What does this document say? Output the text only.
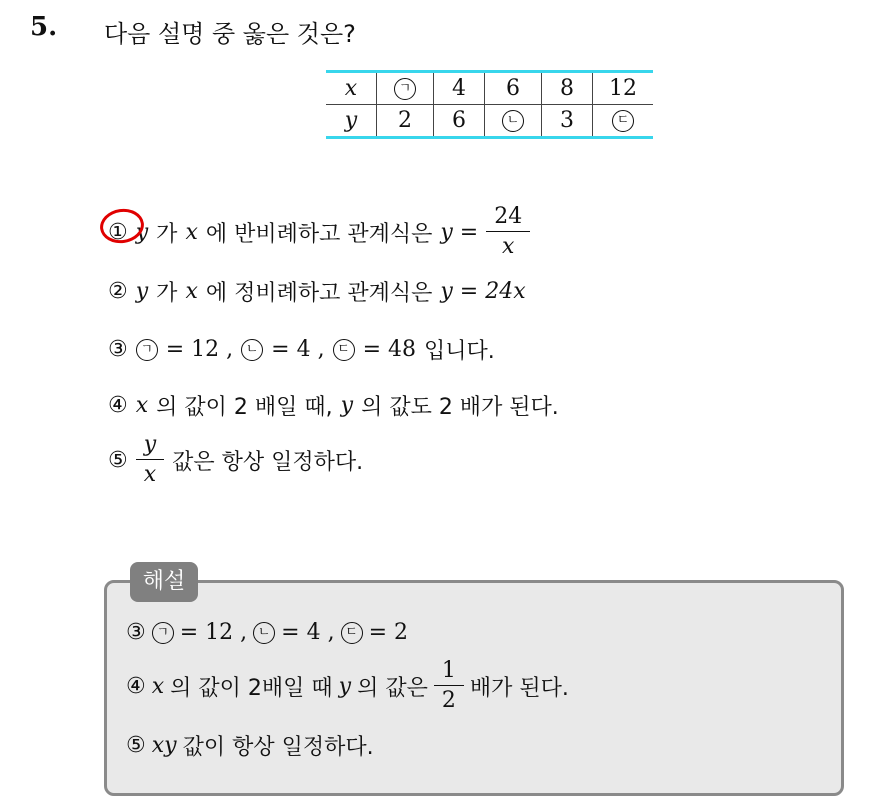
5. 다음 설명 중 옳은 것은?
x	ㄱ	4	6	8	12
y	2	6	ㄴ	3	ㄷ
① y 가 x 에 반비례하고 관계식은 $y = \frac{24}{x}$
② y 가 x 에 정비례하고 관계식은 y = 24x
③ ㄱ = 12 , ㄴ = 4 , ㄷ = 48 입니다.
④ x 의 값이 2 배일 때, y 의 값도 2 배가 된다.
⑤ $\frac{y}{x}$ 값은 항상 일정하다.
해설
③ ㄱ = 12 , ㄴ = 4 , ㄷ = 2
④ x 의 값이 2배일 때 y 의 값은 $\frac{1}{2}$ 배가 된다.
⑤ xy 값이 항상 일정하다.
